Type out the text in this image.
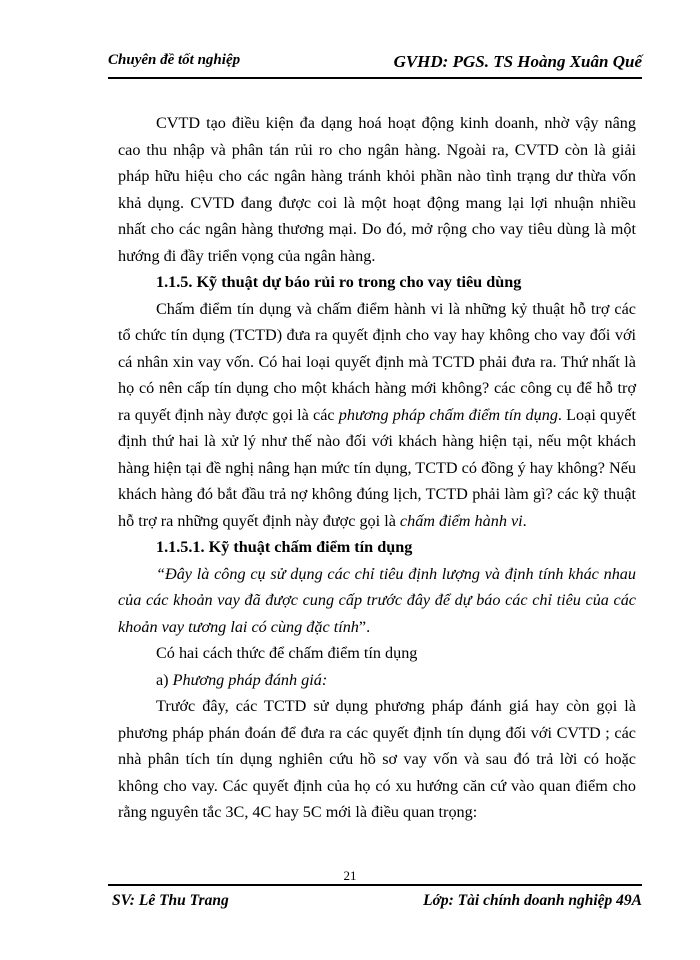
Chuyên đề tốt nghiệp	GVHD: PGS. TS Hoàng Xuân Quế

CVTD tạo điều kiện đa dạng hoá hoạt động kinh doanh, nhờ vậy nâng cao thu nhập và phân tán rủi ro cho ngân hàng. Ngoài ra, CVTD còn là giải pháp hữu hiệu cho các ngân hàng tránh khỏi phần nào tình trạng dư thừa vốn khả dụng. CVTD đang được coi là một hoạt động mang lại lợi nhuận nhiều nhất cho các ngân hàng thương mại. Do đó, mở rộng cho vay tiêu dùng là một hướng đi đầy triển vọng của ngân hàng.

1.1.5. Kỹ thuật dự báo rủi ro trong cho vay tiêu dùng

Chấm điểm tín dụng và chấm điểm hành vi là những kỷ thuật hỗ trợ các tổ chức tín dụng (TCTD) đưa ra quyết định cho vay hay không cho vay đối với cá nhân xin vay vốn. Có hai loại quyết định mà TCTD phải đưa ra. Thứ nhất là họ có nên cấp tín dụng cho một khách hàng mới không? các công cụ để hỗ trợ ra quyết định này được gọi là các phương pháp chấm điểm tín dụng. Loại quyết định thứ hai là xử lý như thế nào đối với khách hàng hiện tại, nếu một khách hàng hiện tại đề nghị nâng hạn mức tín dụng, TCTD có đồng ý hay không? Nếu khách hàng đó bắt đầu trả nợ không đúng lịch, TCTD phải làm gì? các kỹ thuật hỗ trợ ra những quyết định này được gọi là chấm điểm hành vi.

1.1.5.1. Kỹ thuật chấm điểm tín dụng

“Đây là công cụ sử dụng các chỉ tiêu định lượng và định tính khác nhau của các khoản vay đã được cung cấp trước đây để dự báo các chỉ tiêu của các khoản vay tương lai có cùng đặc tính”.

Có hai cách thức để chấm điểm tín dụng

a) Phương pháp đánh giá:

Trước đây, các TCTD sử dụng phương pháp đánh giá hay còn gọi là phương pháp phán đoán để đưa ra các quyết định tín dụng đối với CVTD ; các nhà phân tích tín dụng nghiên cứu hồ sơ vay vốn và sau đó trả lời có hoặc không cho vay. Các quyết định của họ có xu hướng căn cứ vào quan điểm cho rằng nguyên tắc 3C, 4C hay 5C mới là điều quan trọng:

21
SV: Lê Thu Trang	Lớp: Tài chính doanh nghiệp 49A
